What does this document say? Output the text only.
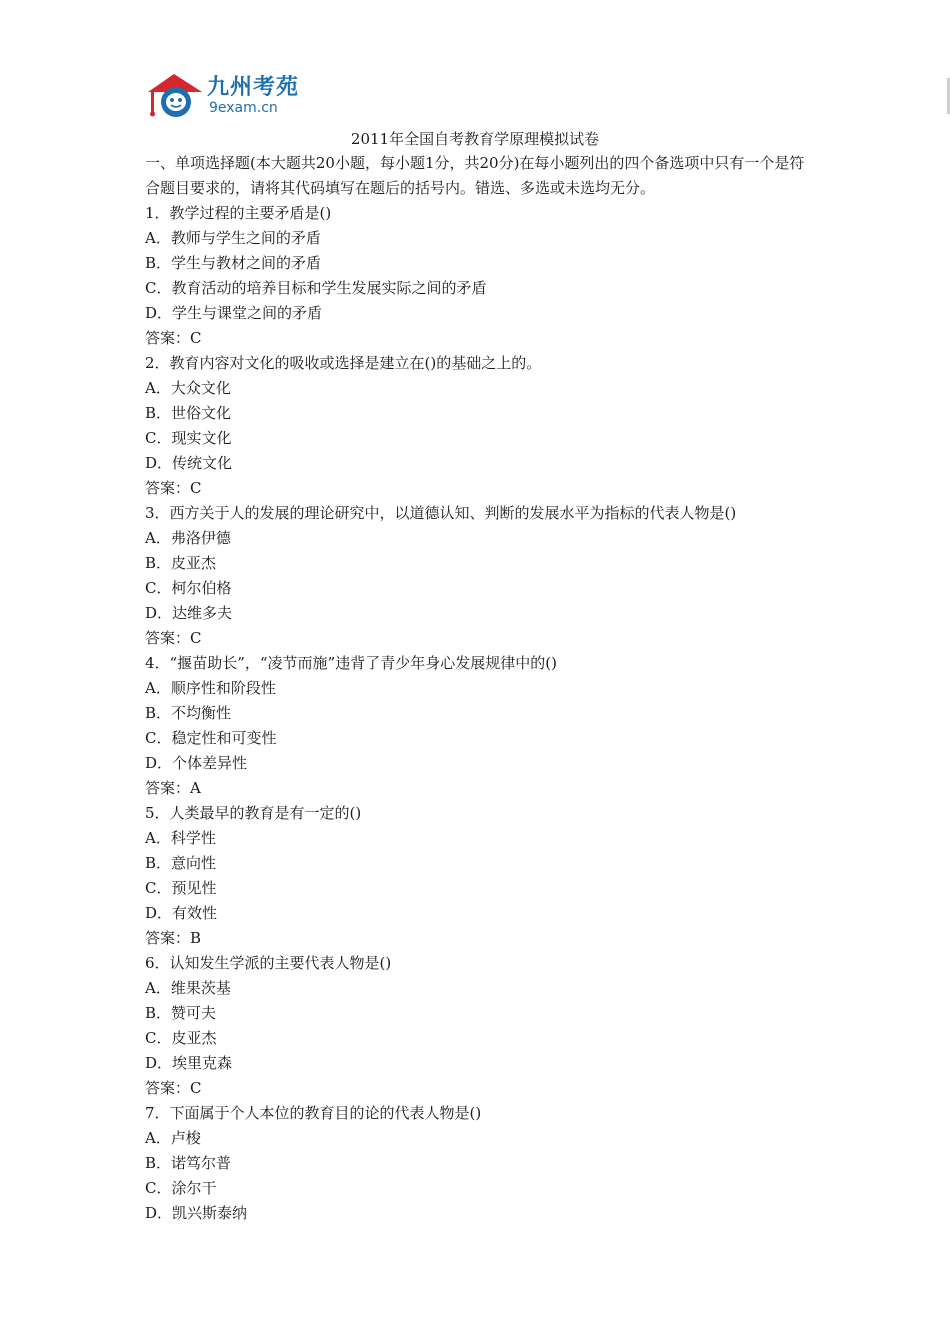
九州考苑
9exam.cn
2011年全国自考教育学原理模拟试卷

一、单项选择题(本大题共20小题，每小题1分，共20分)在每小题列出的四个备选项中只有一个是符合题目要求的，请将其代码填写在题后的括号内。错选、多选或未选均无分。

1．教学过程的主要矛盾是()
A．教师与学生之间的矛盾
B．学生与教材之间的矛盾
C．教育活动的培养目标和学生发展实际之间的矛盾
D．学生与课堂之间的矛盾
答案：C
2．教育内容对文化的吸收或选择是建立在()的基础之上的。
A．大众文化
B．世俗文化
C．现实文化
D．传统文化
答案：C
3．西方关于人的发展的理论研究中，以道德认知、判断的发展水平为指标的代表人物是()
A．弗洛伊德
B．皮亚杰
C．柯尔伯格
D．达维多夫
答案：C
4．“揠苗助长”，“凌节而施”违背了青少年身心发展规律中的()
A．顺序性和阶段性
B．不均衡性
C．稳定性和可变性
D．个体差异性
答案：A
5．人类最早的教育是有一定的()
A．科学性
B．意向性
C．预见性
D．有效性
答案：B
6．认知发生学派的主要代表人物是()
A．维果茨基
B．赞可夫
C．皮亚杰
D．埃里克森
答案：C
7．下面属于个人本位的教育目的论的代表人物是()
A．卢梭
B．诺笃尔普
C．涂尔干
D．凯兴斯泰纳
